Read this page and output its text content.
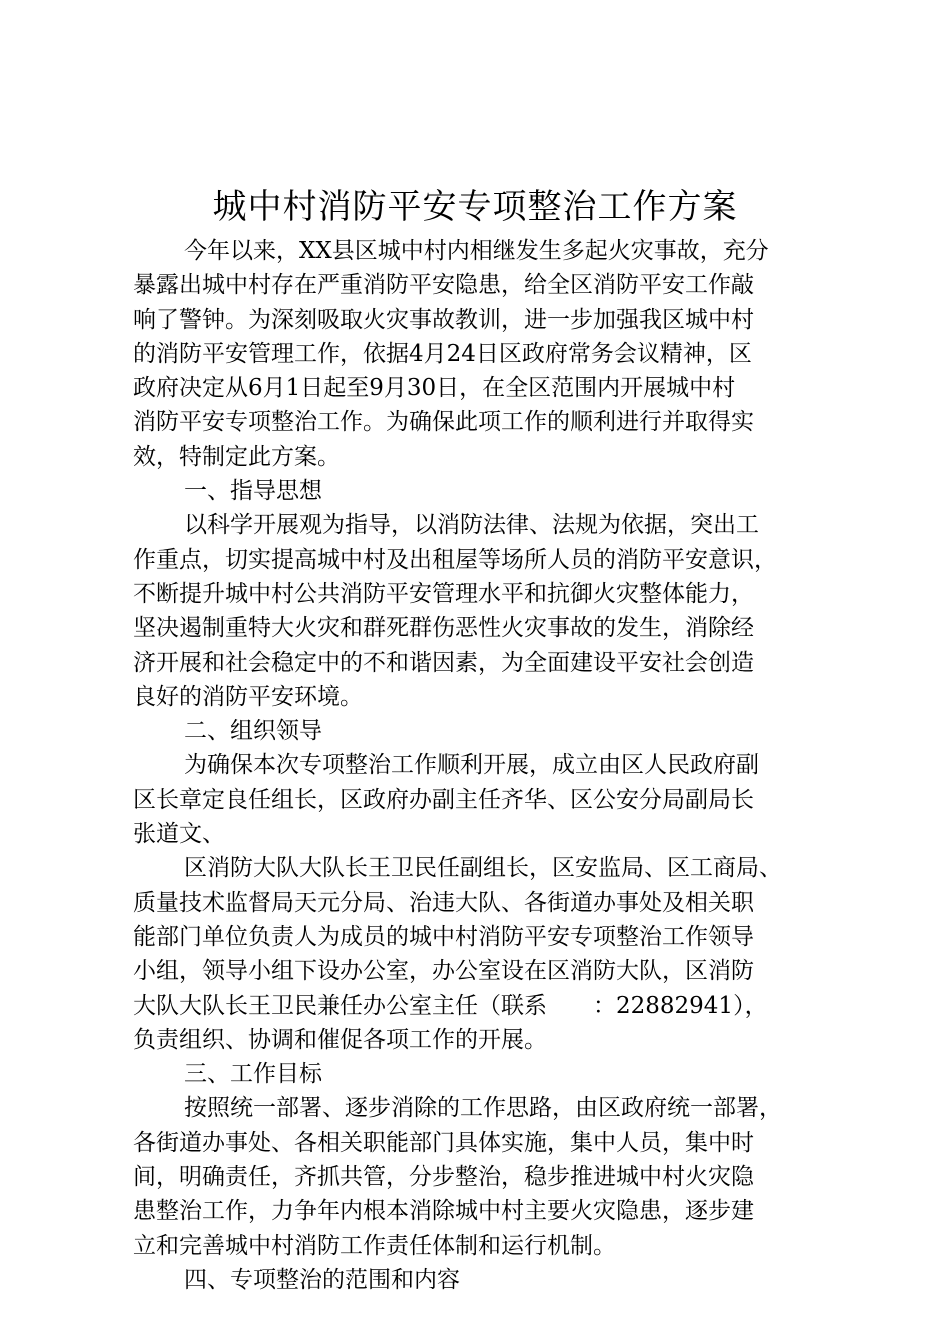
城中村消防平安专项整治工作方案

今年以来，XX县区城中村内相继发生多起火灾事故，充分

暴露出城中村存在严重消防平安隐患，给全区消防平安工作敲

响了警钟。为深刻吸取火灾事故教训，进一步加强我区城中村

的消防平安管理工作，依据4月24日区政府常务会议精神，区

政府决定从6月1日起至9月30日，在全区范围内开展城中村

消防平安专项整治工作。为确保此项工作的顺利进行并取得实

效，特制定此方案。

一、指导思想

以科学开展观为指导，以消防法律、法规为依据，突出工

作重点，切实提高城中村及出租屋等场所人员的消防平安意识，

不断提升城中村公共消防平安管理水平和抗御火灾整体能力，

坚决遏制重特大火灾和群死群伤恶性火灾事故的发生，消除经

济开展和社会稳定中的不和谐因素，为全面建设平安社会创造

良好的消防平安环境。

二、组织领导

为确保本次专项整治工作顺利开展，成立由区人民政府副

区长章定良任组长，区政府办副主任齐华、区公安分局副局长

张道文、

区消防大队大队长王卫民任副组长，区安监局、区工商局、

质量技术监督局天元分局、治违大队、各街道办事处及相关职

能部门单位负责人为成员的城中村消防平安专项整治工作领导

小组，领导小组下设办公室，办公室设在区消防大队，区消防

大队大队长王卫民兼任办公室主任（联系　　：22882941），

负责组织、协调和催促各项工作的开展。

三、工作目标

按照统一部署、逐步消除的工作思路，由区政府统一部署，

各街道办事处、各相关职能部门具体实施，集中人员，集中时

间，明确责任，齐抓共管，分步整治，稳步推进城中村火灾隐

患整治工作，力争年内根本消除城中村主要火灾隐患，逐步建

立和完善城中村消防工作责任体制和运行机制。

四、专项整治的范围和内容
